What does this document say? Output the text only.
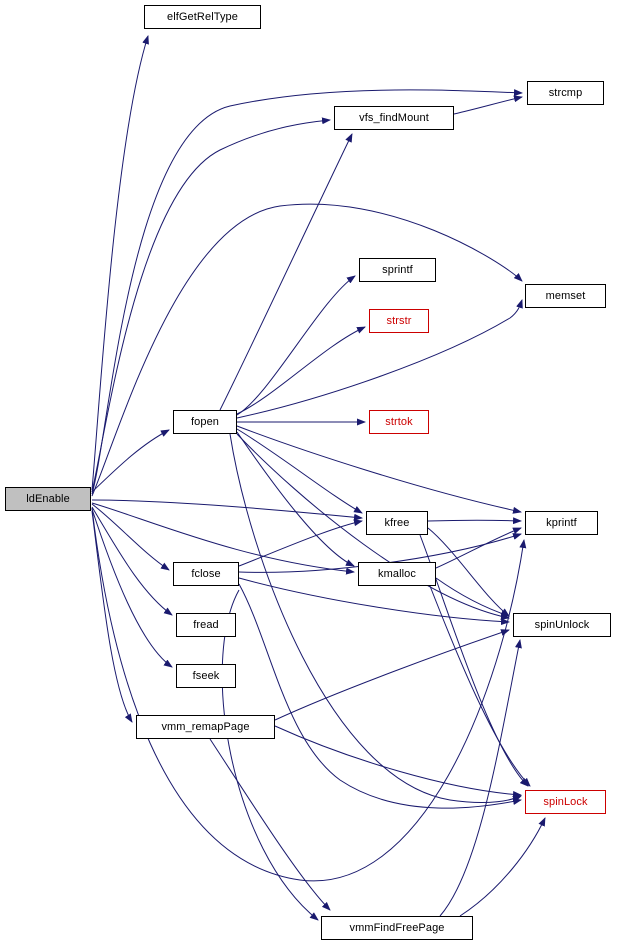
ldEnable
elfGetRelType
vfs_findMount
strcmp
sprintf
strstr
memset
fopen	strtok
kfree	kprintf
fclose	kmalloc
spinUnlock
fread
fseek
vmm_remapPage
spinLock
vmmFindFreePage
